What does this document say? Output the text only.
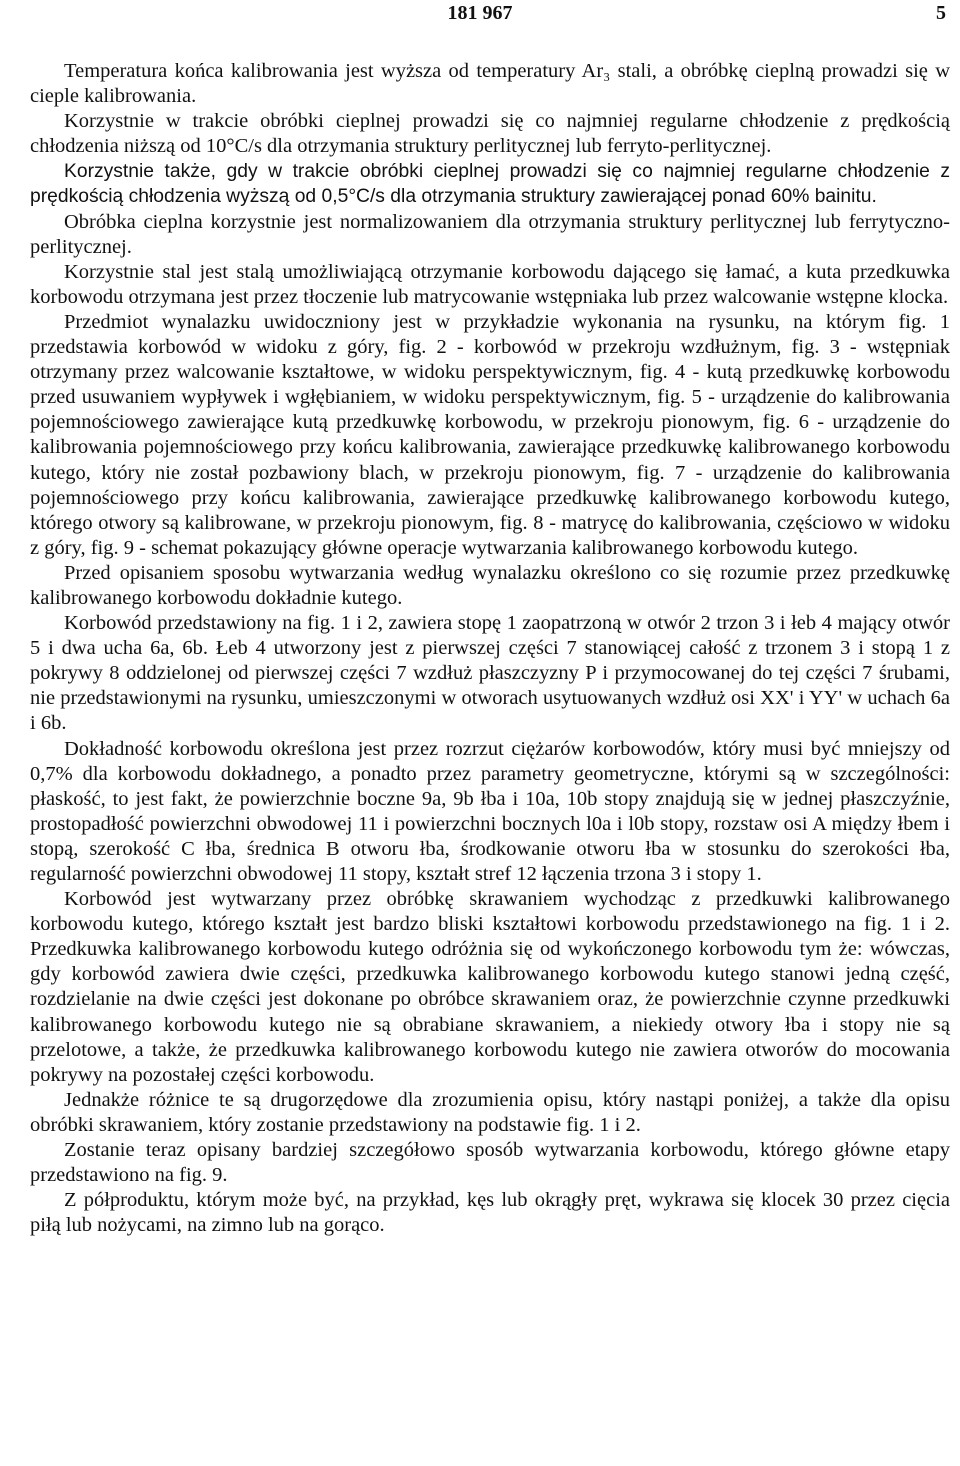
181 967	5

Temperatura końca kalibrowania jest wyższa od temperatury Ar₃ stali, a obróbkę cieplną prowadzi się w cieple kalibrowania.

Korzystnie w trakcie obróbki cieplnej prowadzi się co najmniej regularne chłodzenie z prędkością chłodzenia niższą od 10°C/s dla otrzymania struktury perlitycznej lub ferryto-perlitycznej.

Korzystnie także, gdy w trakcie obróbki cieplnej prowadzi się co najmniej regularne chłodzenie z prędkością chłodzenia wyższą od 0,5°C/s dla otrzymania struktury zawierającej ponad 60% bainitu.

Obróbka cieplna korzystnie jest normalizowaniem dla otrzymania struktury perlitycznej lub ferrytyczno-perlitycznej.

Korzystnie stal jest stalą umożliwiającą otrzymanie korbowodu dającego się łamać, a kuta przedkuwka korbowodu otrzymana jest przez tłoczenie lub matrycowanie wstępniaka lub przez walcowanie wstępne klocka.

Przedmiot wynalazku uwidoczniony jest w przykładzie wykonania na rysunku, na którym fig. 1 przedstawia korbowód w widoku z góry, fig. 2 - korbowód w przekroju wzdłużnym, fig. 3 - wstępniak otrzymany przez walcowanie kształtowe, w widoku perspektywicznym, fig. 4 - kutą przedkuwkę korbowodu przed usuwaniem wypływek i wgłębianiem, w widoku perspektywicznym, fig. 5 - urządzenie do kalibrowania pojemnościowego zawierające kutą przedkuwkę korbowodu, w przekroju pionowym, fig. 6 - urządzenie do kalibrowania pojemnościowego przy końcu kalibrowania, zawierające przedkuwkę kalibrowanego korbowodu kutego, który nie został pozbawiony blach, w przekroju pionowym, fig. 7 - urządzenie do kalibrowania pojemnościowego przy końcu kalibrowania, zawierające przedkuwkę kalibrowanego korbowodu kutego, którego otwory są kalibrowane, w przekroju pionowym, fig. 8 - matrycę do kalibrowania, częściowo w widoku z góry, fig. 9 - schemat pokazujący główne operacje wytwarzania kalibrowanego korbowodu kutego.

Przed opisaniem sposobu wytwarzania według wynalazku określono co się rozumie przez przedkuwkę kalibrowanego korbowodu dokładnie kutego.

Korbowód przedstawiony na fig. 1 i 2, zawiera stopę 1 zaopatrzoną w otwór 2 trzon 3 i łeb 4 mający otwór 5 i dwa ucha 6a, 6b. Łeb 4 utworzony jest z pierwszej części 7 stanowiącej całość z trzonem 3 i stopą 1 z pokrywy 8 oddzielonej od pierwszej części 7 wzdłuż płaszczyzny P i przymocowanej do tej części 7 śrubami, nie przedstawionymi na rysunku, umieszczonymi w otworach usytuowanych wzdłuż osi XX' i YY' w uchach 6a i 6b.

Dokładność korbowodu określona jest przez rozrzut ciężarów korbowodów, który musi być mniejszy od 0,7% dla korbowodu dokładnego, a ponadto przez parametry geometryczne, którymi są w szczególności: płaskość, to jest fakt, że powierzchnie boczne 9a, 9b łba i 10a, 10b stopy znajdują się w jednej płaszczyźnie, prostopadłość powierzchni obwodowej 11 i powierzchni bocznych l0a i l0b stopy, rozstaw osi A między łbem i stopą, szerokość C łba, średnica B otworu łba, środkowanie otworu łba w stosunku do szerokości łba, regularność powierzchni obwodowej 11 stopy, kształt stref 12 łączenia trzona 3 i stopy 1.

Korbowód jest wytwarzany przez obróbkę skrawaniem wychodząc z przedkuwki kalibrowanego korbowodu kutego, którego kształt jest bardzo bliski kształtowi korbowodu przedstawionego na fig. 1 i 2. Przedkuwka kalibrowanego korbowodu kutego odróżnia się od wykończonego korbowodu tym że: wówczas, gdy korbowód zawiera dwie części, przedkuwka kalibrowanego korbowodu kutego stanowi jedną część, rozdzielanie na dwie części jest dokonane po obróbce skrawaniem oraz, że powierzchnie czynne przedkuwki kalibrowanego korbowodu kutego nie są obrabiane skrawaniem, a niekiedy otwory łba i stopy nie są przelotowe, a także, że przedkuwka kalibrowanego korbowodu kutego nie zawiera otworów do mocowania pokrywy na pozostałej części korbowodu.

Jednakże różnice te są drugorzędowe dla zrozumienia opisu, który nastąpi poniżej, a także dla opisu obróbki skrawaniem, który zostanie przedstawiony na podstawie fig. 1 i 2.

Zostanie teraz opisany bardziej szczegółowo sposób wytwarzania korbowodu, którego główne etapy przedstawiono na fig. 9.

Z półproduktu, którym może być, na przykład, kęs lub okrągły pręt, wykrawa się klocek 30 przez cięcia piłą lub nożycami, na zimno lub na gorąco.
